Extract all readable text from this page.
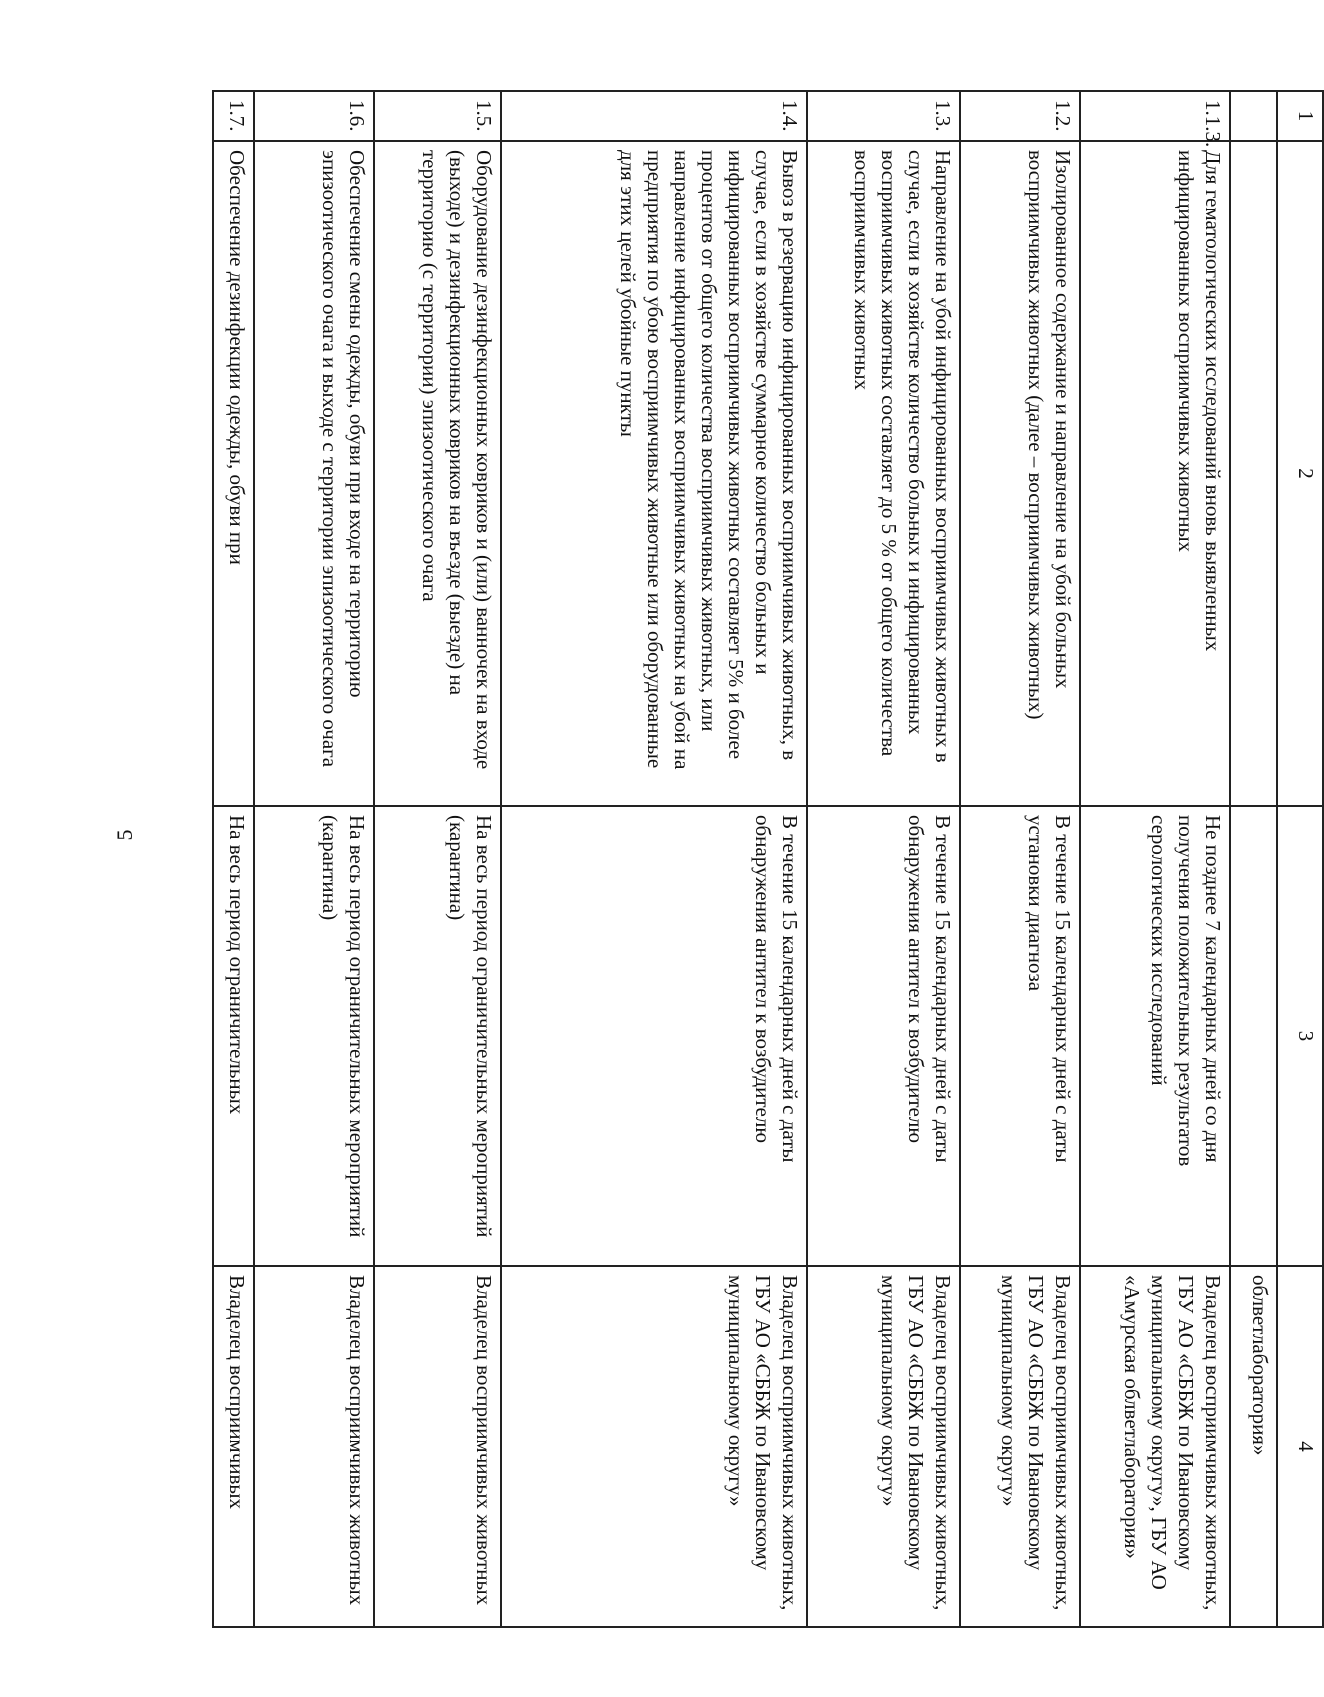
5
1	2	3	4
			облветлаборатория»
1.1.3.	Для гематологических исследований вновь выявленных инфицированных восприимчивых животных	Не позднее 7 календарных дней со дня получения положительных результатов серологических исследований	Владелец восприимчивых животных, ГБУ АО «СББЖ по Ивановскому муниципальному округу», ГБУ АО «Амурская облветлаборатория»
1.2.	Изолированное содержание и направление на убой больных восприимчивых животных (далее – восприимчивых животных)	В течение 15 календарных дней с даты установки диагноза	Владелец восприимчивых животных, ГБУ АО «СББЖ по Ивановскому муниципальному округу»
1.3.	Направление на убой инфицированных восприимчивых животных в случае, если в хозяйстве количество больных и инфицированных восприимчивых животных составляет до 5 % от общего количества восприимчивых животных	В течение 15 календарных дней с даты обнаружения антител к возбудителю	Владелец восприимчивых животных, ГБУ АО «СББЖ по Ивановскому муниципальному округу»
1.4.	Вывоз в резервацию инфицированных восприимчивых животных, в случае, если в хозяйстве суммарное количество больных и инфицированных восприимчивых животных составляет 5% и более процентов от общего количества восприимчивых животных, или направление инфицированных восприимчивых животных на убой на предприятия по убою восприимчивых животные или оборудованные для этих целей убойные пункты	В течение 15 календарных дней с даты обнаружения антител к возбудителю	Владелец восприимчивых животных, ГБУ АО «СББЖ по Ивановскому муниципальному округу»
1.5.	Оборудование дезинфекционных ковриков и (или) ванночек на входе (выходе) и дезинфекционных ковриков на въезде (выезде) на территорию (с территории) эпизоотического очага	На весь период ограничительных мероприятий (карантина)	Владелец восприимчивых животных
1.6.	Обеспечение смены одежды, обуви при входе на территорию эпизоотического очага и выходе с территории эпизоотического очага	На весь период ограничительных мероприятий (карантина)	Владелец восприимчивых животных
1.7.	Обеспечение дезинфекции одежды, обуви при	На весь период ограничительных	Владелец восприимчивых
